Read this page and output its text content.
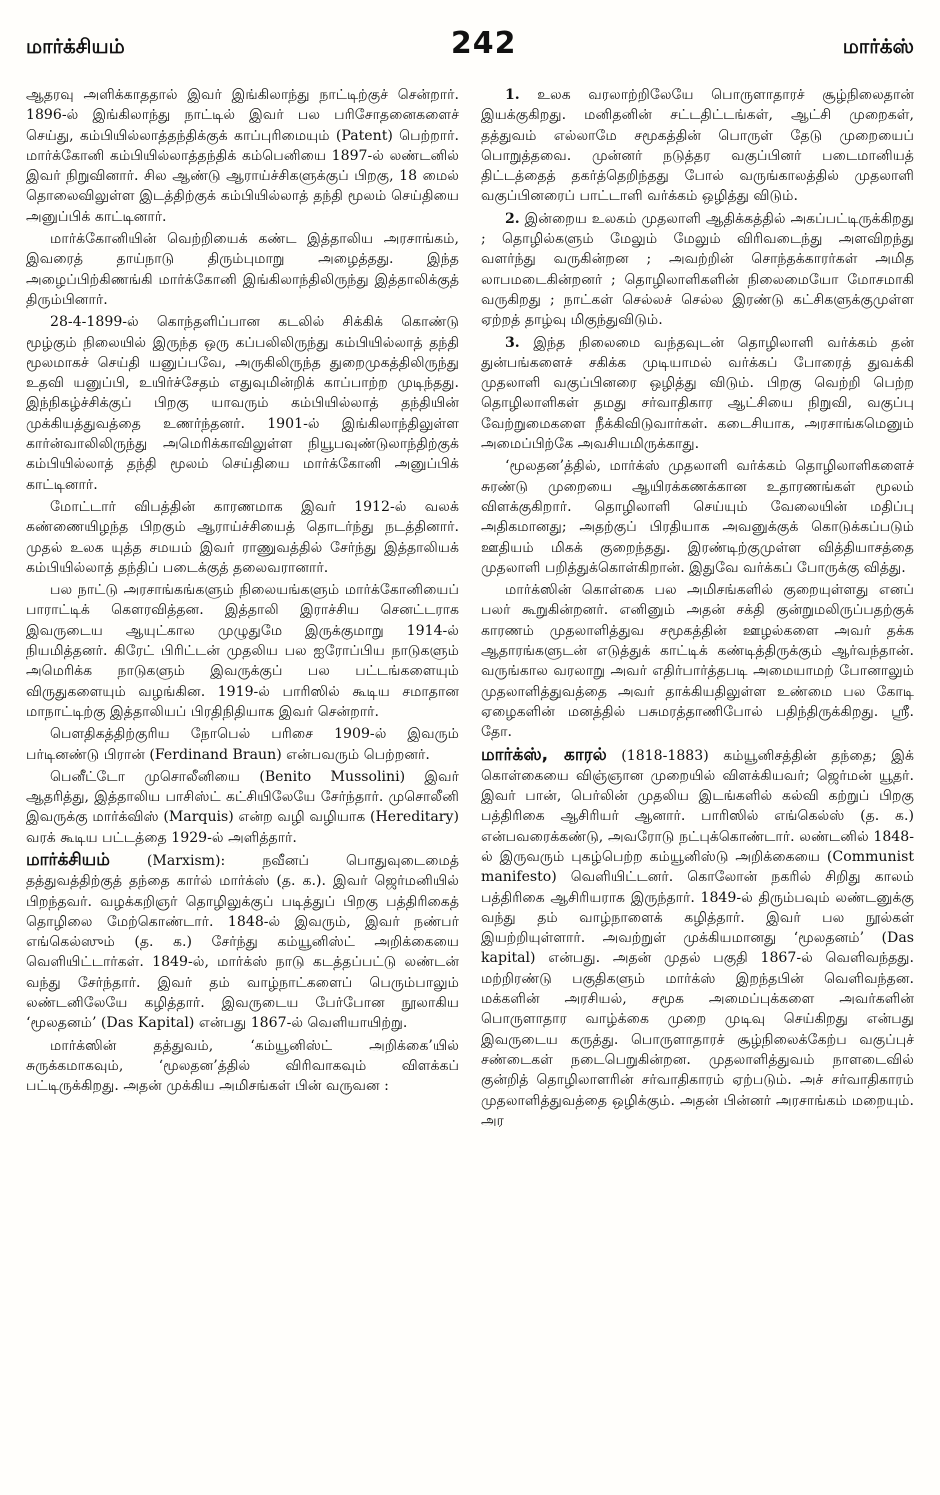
மார்க்சியம்	242	மார்க்ஸ்

ஆதரவு அளிக்காததால் இவர் இங்கிலாந்து நாட்டிற்குச் சென்றார். 1896-ல் இங்கிலாந்து நாட்டில் இவர் பல பரிசோதனைகளைச் செய்து, கம்பியில்லாத்தந்திக்குக் காப்புரிமையும் (Patent) பெற்றார். மார்க்கோனி கம்பியில்லாத்தந்திக் கம்பெனியை 1897-ல் லண்டனில் இவர் நிறுவினார். சில ஆண்டு ஆராய்ச்சிகளுக்குப் பிறகு, 18 மைல் தொலைவிலுள்ள இடத்திற்குக் கம்பியில்லாத் தந்தி மூலம் செய்தியை அனுப்பிக் காட்டினார்.

மார்க்கோனியின் வெற்றியைக் கண்ட இத்தாலிய அரசாங்கம், இவரைத் தாய்நாடு திரும்புமாறு அழைத்தது. இந்த அழைப்பிற்கிணங்கி மார்க்கோனி இங்கிலாந்திலிருந்து இத்தாலிக்குத் திரும்பினார்.

28-4-1899-ல் கொந்தளிப்பான கடலில் சிக்கிக் கொண்டு மூழ்கும் நிலையில் இருந்த ஒரு கப்பலிலிருந்து கம்பியில்லாத் தந்தி மூலமாகச் செய்தி யனுப்பவே, அருகிலிருந்த துறைமுகத்திலிருந்து உதவி யனுப்பி, உயிர்ச்சேதம் எதுவுமின்றிக் காப்பாற்ற முடிந்தது. இந்நிகழ்ச்சிக்குப் பிறகு யாவரும் கம்பியில்லாத் தந்தியின் முக்கியத்துவத்தை உணர்ந்தனர். 1901-ல் இங்கிலாந்திலுள்ள கார்ன்வாலிலிருந்து அமெரிக்காவிலுள்ள நியூபவுண்டுலாந்திற்குக் கம்பியில்லாத் தந்தி மூலம் செய்தியை மார்க்கோனி அனுப்பிக் காட்டினார்.

மோட்டார் விபத்தின் காரணமாக இவர் 1912-ல் வலக் கண்ணையிழந்த பிறகும் ஆராய்ச்சியைத் தொடர்ந்து நடத்தினார். முதல் உலக யுத்த சமயம் இவர் ராணுவத்தில் சேர்ந்து இத்தாலியக் கம்பியில்லாத் தந்திப் படைக்குத் தலைவரானார்.

பல நாட்டு அரசாங்கங்களும் நிலையங்களும் மார்க்கோனியைப் பாராட்டிக் கௌரவித்தன. இத்தாலி இராச்சிய செனட்டராக இவருடைய ஆயுட்கால முழுதுமே இருக்குமாறு 1914-ல் நியமித்தனர். கிரேட் பிரிட்டன் முதலிய பல ஐரோப்பிய நாடுகளும் அமெரிக்க நாடுகளும் இவருக்குப் பல பட்டங்களையும் விருதுகளையும் வழங்கின. 1919-ல் பாரிஸில் கூடிய சமாதான மாநாட்டிற்கு இத்தாலியப் பிரதிநிதியாக இவர் சென்றார்.

பௌதிகத்திற்குரிய நோபெல் பரிசை 1909-ல் இவரும் பர்டினண்டு பிரான் (Ferdinand Braun) என்பவரும் பெற்றனர்.

பெனீட்டோ முசொலீனியை (Benito Mussolini) இவர் ஆதரித்து, இத்தாலிய பாசிஸ்ட் கட்சியிலேயே சேர்ந்தார். முசொலீனி இவருக்கு மார்க்விஸ் (Marquis) என்ற வழி வழியாக (Hereditary) வரக் கூடிய பட்டத்தை 1929-ல் அளித்தார்.

மார்க்சியம் (Marxism): நவீனப் பொதுவுடைமைத் தத்துவத்திற்குத் தந்தை கார்ல் மார்க்ஸ் (த. க.). இவர் ஜெர்மனியில் பிறந்தவர். வழக்கறிஞர் தொழிலுக்குப் படித்துப் பிறகு பத்திரிகைத் தொழிலை மேற்கொண்டார். 1848-ல் இவரும், இவர் நண்பர் எங்கெல்ஸும் (த. க.) சேர்ந்து கம்யூனிஸ்ட் அறிக்கையை வெளியிட்டார்கள். 1849-ல், மார்க்ஸ் நாடு கடத்தப்பட்டு லண்டன் வந்து சேர்ந்தார். இவர் தம் வாழ்நாட்களைப் பெரும்பாலும் லண்டனிலேயே கழித்தார். இவருடைய பேர்போன நூலாகிய ‘மூலதனம்’ (Das Kapital) என்பது 1867-ல் வெளியாயிற்று.

மார்க்ஸின் தத்துவம், ‘கம்யூனிஸ்ட் அறிக்கை’யில் சுருக்கமாகவும், ‘மூலதன’த்தில் விரிவாகவும் விளக்கப் பட்டிருக்கிறது. அதன் முக்கிய அமிசங்கள் பின் வருவன :

1. உலக வரலாற்றிலேயே பொருளாதாரச் சூழ்நிலைதான் இயக்குகிறது. மனிதனின் சட்டதிட்டங்கள், ஆட்சி முறைகள், தத்துவம் எல்லாமே சமூகத்தின் பொருள் தேடு முறையைப் பொறுத்தவை. முன்னர் நடுத்தர வகுப்பினர் படைமானியத் திட்டத்தைத் தகர்த்தெறிந்தது போல் வருங்காலத்தில் முதலாளி வகுப்பினரைப் பாட்டாளி வர்க்கம் ஒழித்து விடும்.

2. இன்றைய உலகம் முதலாளி ஆதிக்கத்தில் அகப்பட்டிருக்கிறது ; தொழில்களும் மேலும் மேலும் விரிவடைந்து அளவிறந்து வளர்ந்து வருகின்றன ; அவற்றின் சொந்தக்காரர்கள் அமித லாபமடைகின்றனர் ; தொழிலாளிகளின் நிலைமையோ மோசமாகி வருகிறது ; நாட்கள் செல்லச் செல்ல இரண்டு கட்சிகளுக்குமுள்ள ஏற்றத் தாழ்வு மிகுந்துவிடும்.

3. இந்த நிலைமை வந்தவுடன் தொழிலாளி வர்க்கம் தன் துன்பங்களைச் சகிக்க முடியாமல் வர்க்கப் போரைத் துவக்கி முதலாளி வகுப்பினரை ஒழித்து விடும். பிறகு வெற்றி பெற்ற தொழிலாளிகள் தமது சர்வாதிகார ஆட்சியை நிறுவி, வகுப்பு வேற்றுமைகளை நீக்கிவிடுவார்கள். கடைசியாக, அரசாங்கமெனும் அமைப்பிற்கே அவசியமிருக்காது.

‘மூலதன’த்தில், மார்க்ஸ் முதலாளி வர்க்கம் தொழிலாளிகளைச் சுரண்டு முறையை ஆயிரக்கணக்கான உதாரணங்கள் மூலம் விளக்குகிறார். தொழிலாளி செய்யும் வேலையின் மதிப்பு அதிகமானது; அதற்குப் பிரதியாக அவனுக்குக் கொடுக்கப்படும் ஊதியம் மிகக் குறைந்தது. இரண்டிற்குமுள்ள வித்தியாசத்தை முதலாளி பறித்துக்கொள்கிறான். இதுவே வர்க்கப் போருக்கு வித்து.

மார்க்ஸின் கொள்கை பல அமிசங்களில் குறையுள்ளது எனப் பலர் கூறுகின்றனர். எனினும் அதன் சக்தி குன்றுமலிருப்பதற்குக் காரணம் முதலாளித்துவ சமூகத்தின் ஊழல்களை அவர் தக்க ஆதாரங்களுடன் எடுத்துக் காட்டிக் கண்டித்திருக்கும் ஆர்வந்தான். வருங்கால வரலாறு அவர் எதிர்பார்த்தபடி அமையாமற் போனாலும் முதலாளித்துவத்தை அவர் தாக்கியதிலுள்ள உண்மை பல கோடி ஏழைகளின் மனத்தில் பசுமரத்தாணிபோல் பதிந்திருக்கிறது. ஸ்ரீ. தோ.

மார்க்ஸ், காரல் (1818-1883) கம்யூனிசத்தின் தந்தை; இக் கொள்கையை விஞ்ஞான முறையில் விளக்கியவர்; ஜெர்மன் யூதர். இவர் பான், பெர்லின் முதலிய இடங்களில் கல்வி கற்றுப் பிறகு பத்திரிகை ஆசிரியர் ஆனார். பாரிஸில் எங்கெல்ஸ் (த. க.) என்பவரைக்கண்டு, அவரோடு நட்புக்கொண்டார். லண்டனில் 1848-ல் இருவரும் புகழ்பெற்ற கம்யூனிஸ்டு அறிக்கையை (Communist manifesto) வெளியிட்டனர். கொலோன் நகரில் சிறிது காலம் பத்திரிகை ஆசிரியராக இருந்தார். 1849-ல் திரும்பவும் லண்டனுக்கு வந்து தம் வாழ்நாளைக் கழித்தார். இவர் பல நூல்கள் இயற்றியுள்ளார். அவற்றுள் முக்கியமானது ‘மூலதனம்’ (Das kapital) என்பது. அதன் முதல் பகுதி 1867-ல் வெளிவந்தது. மற்றிரண்டு பகுதிகளும் மார்க்ஸ் இறந்தபின் வெளிவந்தன. மக்களின் அரசியல், சமூக அமைப்புக்களை அவர்களின் பொருளாதார வாழ்க்கை முறை முடிவு செய்கிறது என்பது இவருடைய கருத்து. பொருளாதாரச் சூழ்நிலைக்கேற்ப வகுப்புச் சண்டைகள் நடைபெறுகின்றன. முதலாளித்துவம் நாளடைவில் குன்றித் தொழிலாளரின் சர்வாதிகாரம் ஏற்படும். அச் சர்வாதிகாரம் முதலாளித்துவத்தை ஒழிக்கும். அதன் பின்னர் அரசாங்கம் மறையும். அர
